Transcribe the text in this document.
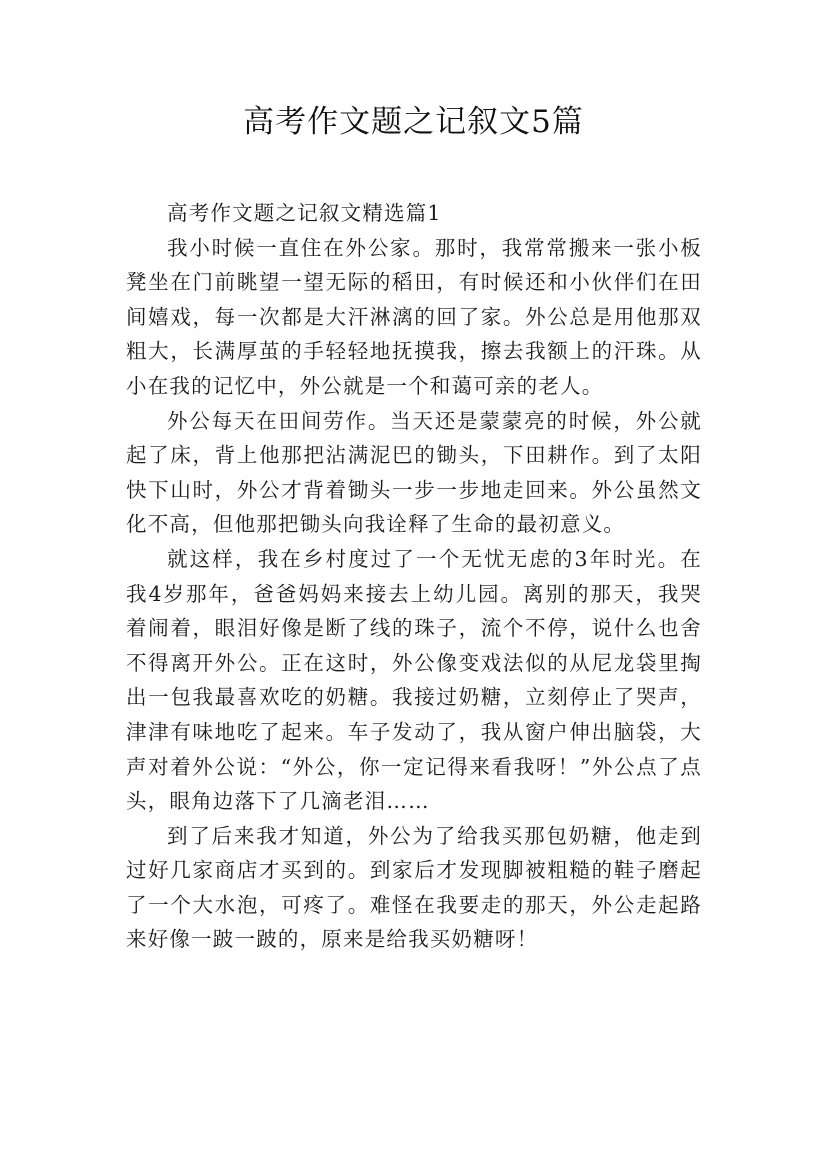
高考作文题之记叙文5篇

高考作文题之记叙文精选篇1

我小时候一直住在外公家。那时，我常常搬来一张小板凳坐在门前眺望一望无际的稻田，有时候还和小伙伴们在田间嬉戏，每一次都是大汗淋漓的回了家。外公总是用他那双粗大，长满厚茧的手轻轻地抚摸我，擦去我额上的汗珠。从小在我的记忆中，外公就是一个和蔼可亲的老人。

外公每天在田间劳作。当天还是蒙蒙亮的时候，外公就起了床，背上他那把沾满泥巴的锄头，下田耕作。到了太阳快下山时，外公才背着锄头一步一步地走回来。外公虽然文化不高，但他那把锄头向我诠释了生命的最初意义。

就这样，我在乡村度过了一个无忧无虑的3年时光。在我4岁那年，爸爸妈妈来接去上幼儿园。离别的那天，我哭着闹着，眼泪好像是断了线的珠子，流个不停，说什么也舍不得离开外公。正在这时，外公像变戏法似的从尼龙袋里掏出一包我最喜欢吃的奶糖。我接过奶糖，立刻停止了哭声，津津有味地吃了起来。车子发动了，我从窗户伸出脑袋，大声对着外公说：“外公，你一定记得来看我呀！”外公点了点头，眼角边落下了几滴老泪……

到了后来我才知道，外公为了给我买那包奶糖，他走到过好几家商店才买到的。到家后才发现脚被粗糙的鞋子磨起了一个大水泡，可疼了。难怪在我要走的那天，外公走起路来好像一跛一跛的，原来是给我买奶糖呀！
